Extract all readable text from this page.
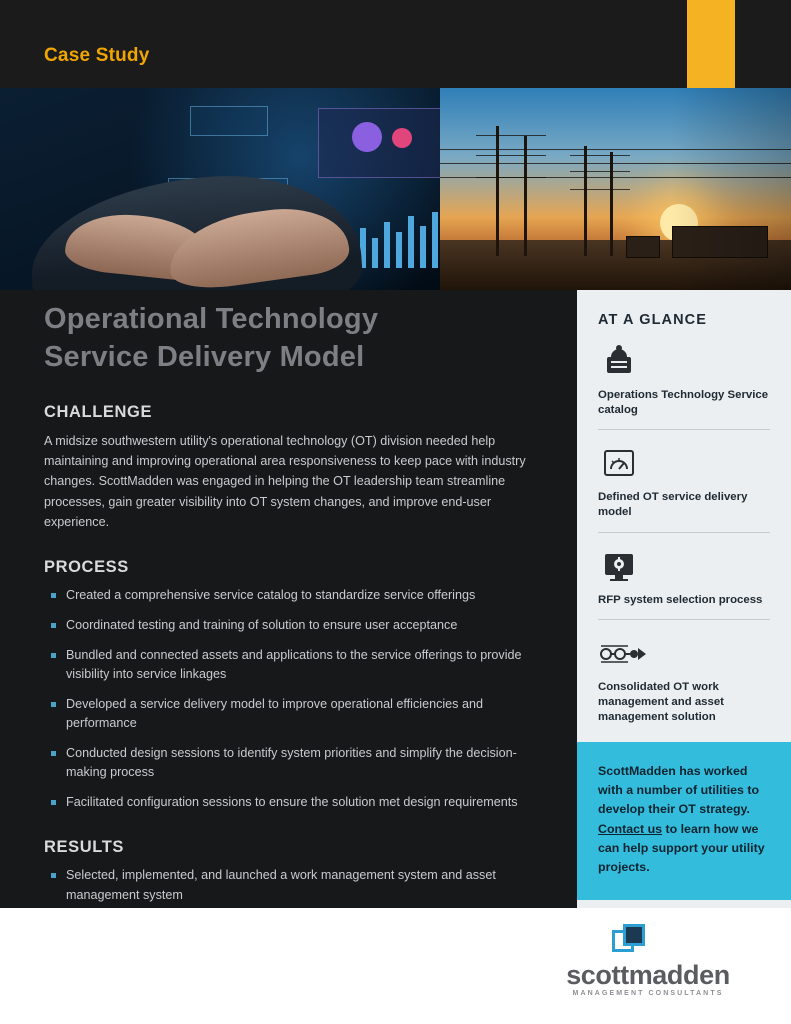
Case Study
Operational Technology
Service Delivery Model
CHALLENGE

A midsize southwestern utility's operational technology (OT) division needed help maintaining and improving operational area responsiveness to keep pace with industry changes. ScottMadden was engaged in helping the OT leadership team streamline processes, gain greater visibility into OT system changes, and improve end-user experience.

PROCESS
Created a comprehensive service catalog to standardize service offerings
Coordinated testing and training of solution to ensure user acceptance
Bundled and connected assets and applications to the service offerings to provide visibility into service linkages
Developed a service delivery model to improve operational efficiencies and performance
Conducted design sessions to identify system priorities and simplify the decision-making process
Facilitated configuration sessions to ensure the solution met design requirements
RESULTS
Selected, implemented, and launched a work management system and asset management system
AT A GLANCE
Operations Technology Service catalog
Defined OT service delivery model
RFP system selection process
Consolidated OT work management and asset management solution
ScottMadden has worked with a number of utilities to develop their OT strategy. Contact us to learn how we can help support your utility projects.
scottmadden
MANAGEMENT CONSULTANTS
